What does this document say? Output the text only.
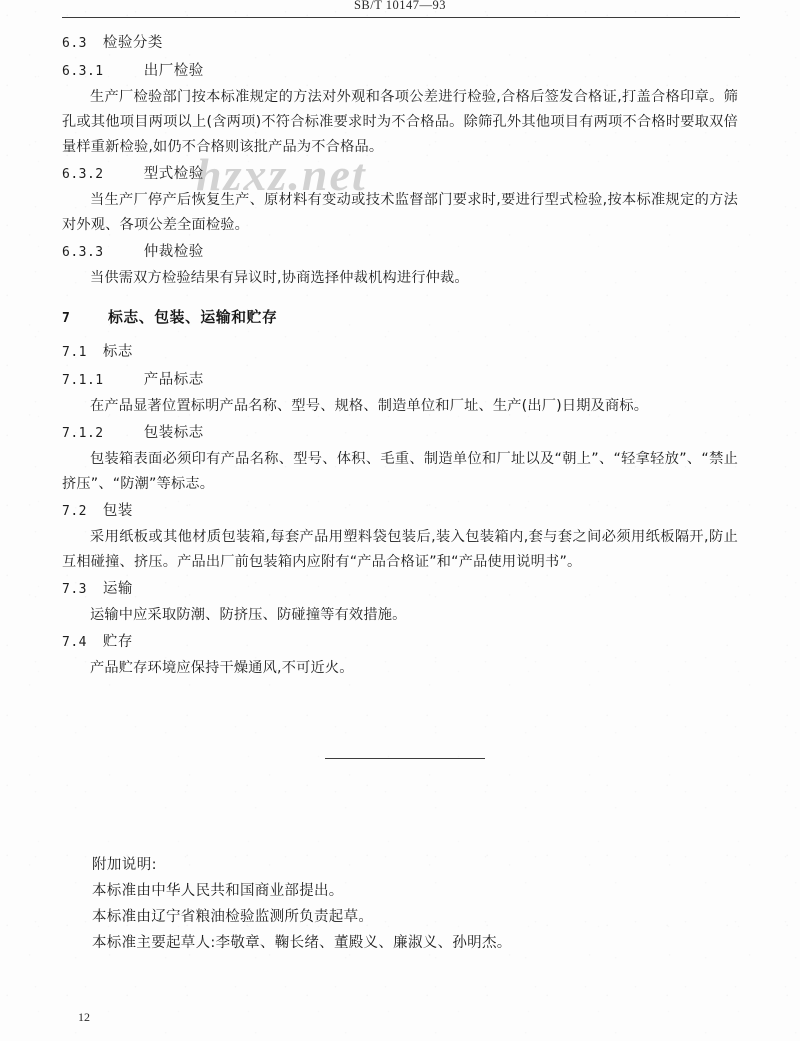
SB/T 10147—93
hzxz.net
6.3	检验分类
6.3.1		出厂检验

生产厂检验部门按本标准规定的方法对外观和各项公差进行检验,合格后签发合格证,打盖合格印章。筛孔或其他项目两项以上(含两项)不符合标准要求时为不合格品。除筛孔外其他项目有两项不合格时要取双倍量样重新检验,如仍不合格则该批产品为不合格品。

6.3.2		型式检验

当生产厂停产后恢复生产、原材料有变动或技术监督部门要求时,要进行型式检验,按本标准规定的方法对外观、各项公差全面检验。

6.3.3		仲裁检验

当供需双方检验结果有异议时,协商选择仲裁机构进行仲裁。

7		标志、包装、运输和贮存
7.1	标志
7.1.1		产品标志

在产品显著位置标明产品名称、型号、规格、制造单位和厂址、生产(出厂)日期及商标。

7.1.2		包装标志

包装箱表面必须印有产品名称、型号、体积、毛重、制造单位和厂址以及“朝上”、“轻拿轻放”、“禁止挤压”、“防潮”等标志。

7.2	包装

采用纸板或其他材质包装箱,每套产品用塑料袋包装后,装入包装箱内,套与套之间必须用纸板隔开,防止互相碰撞、挤压。产品出厂前包装箱内应附有“产品合格证”和“产品使用说明书”。

7.3	运输

运输中应采取防潮、防挤压、防碰撞等有效措施。

7.4	贮存

产品贮存环境应保持干燥通风,不可近火。

附加说明:
本标准由中华人民共和国商业部提出。
本标准由辽宁省粮油检验监测所负责起草。
本标准主要起草人:李敬章、鞠长绪、董殿义、廉淑义、孙明杰。
12
